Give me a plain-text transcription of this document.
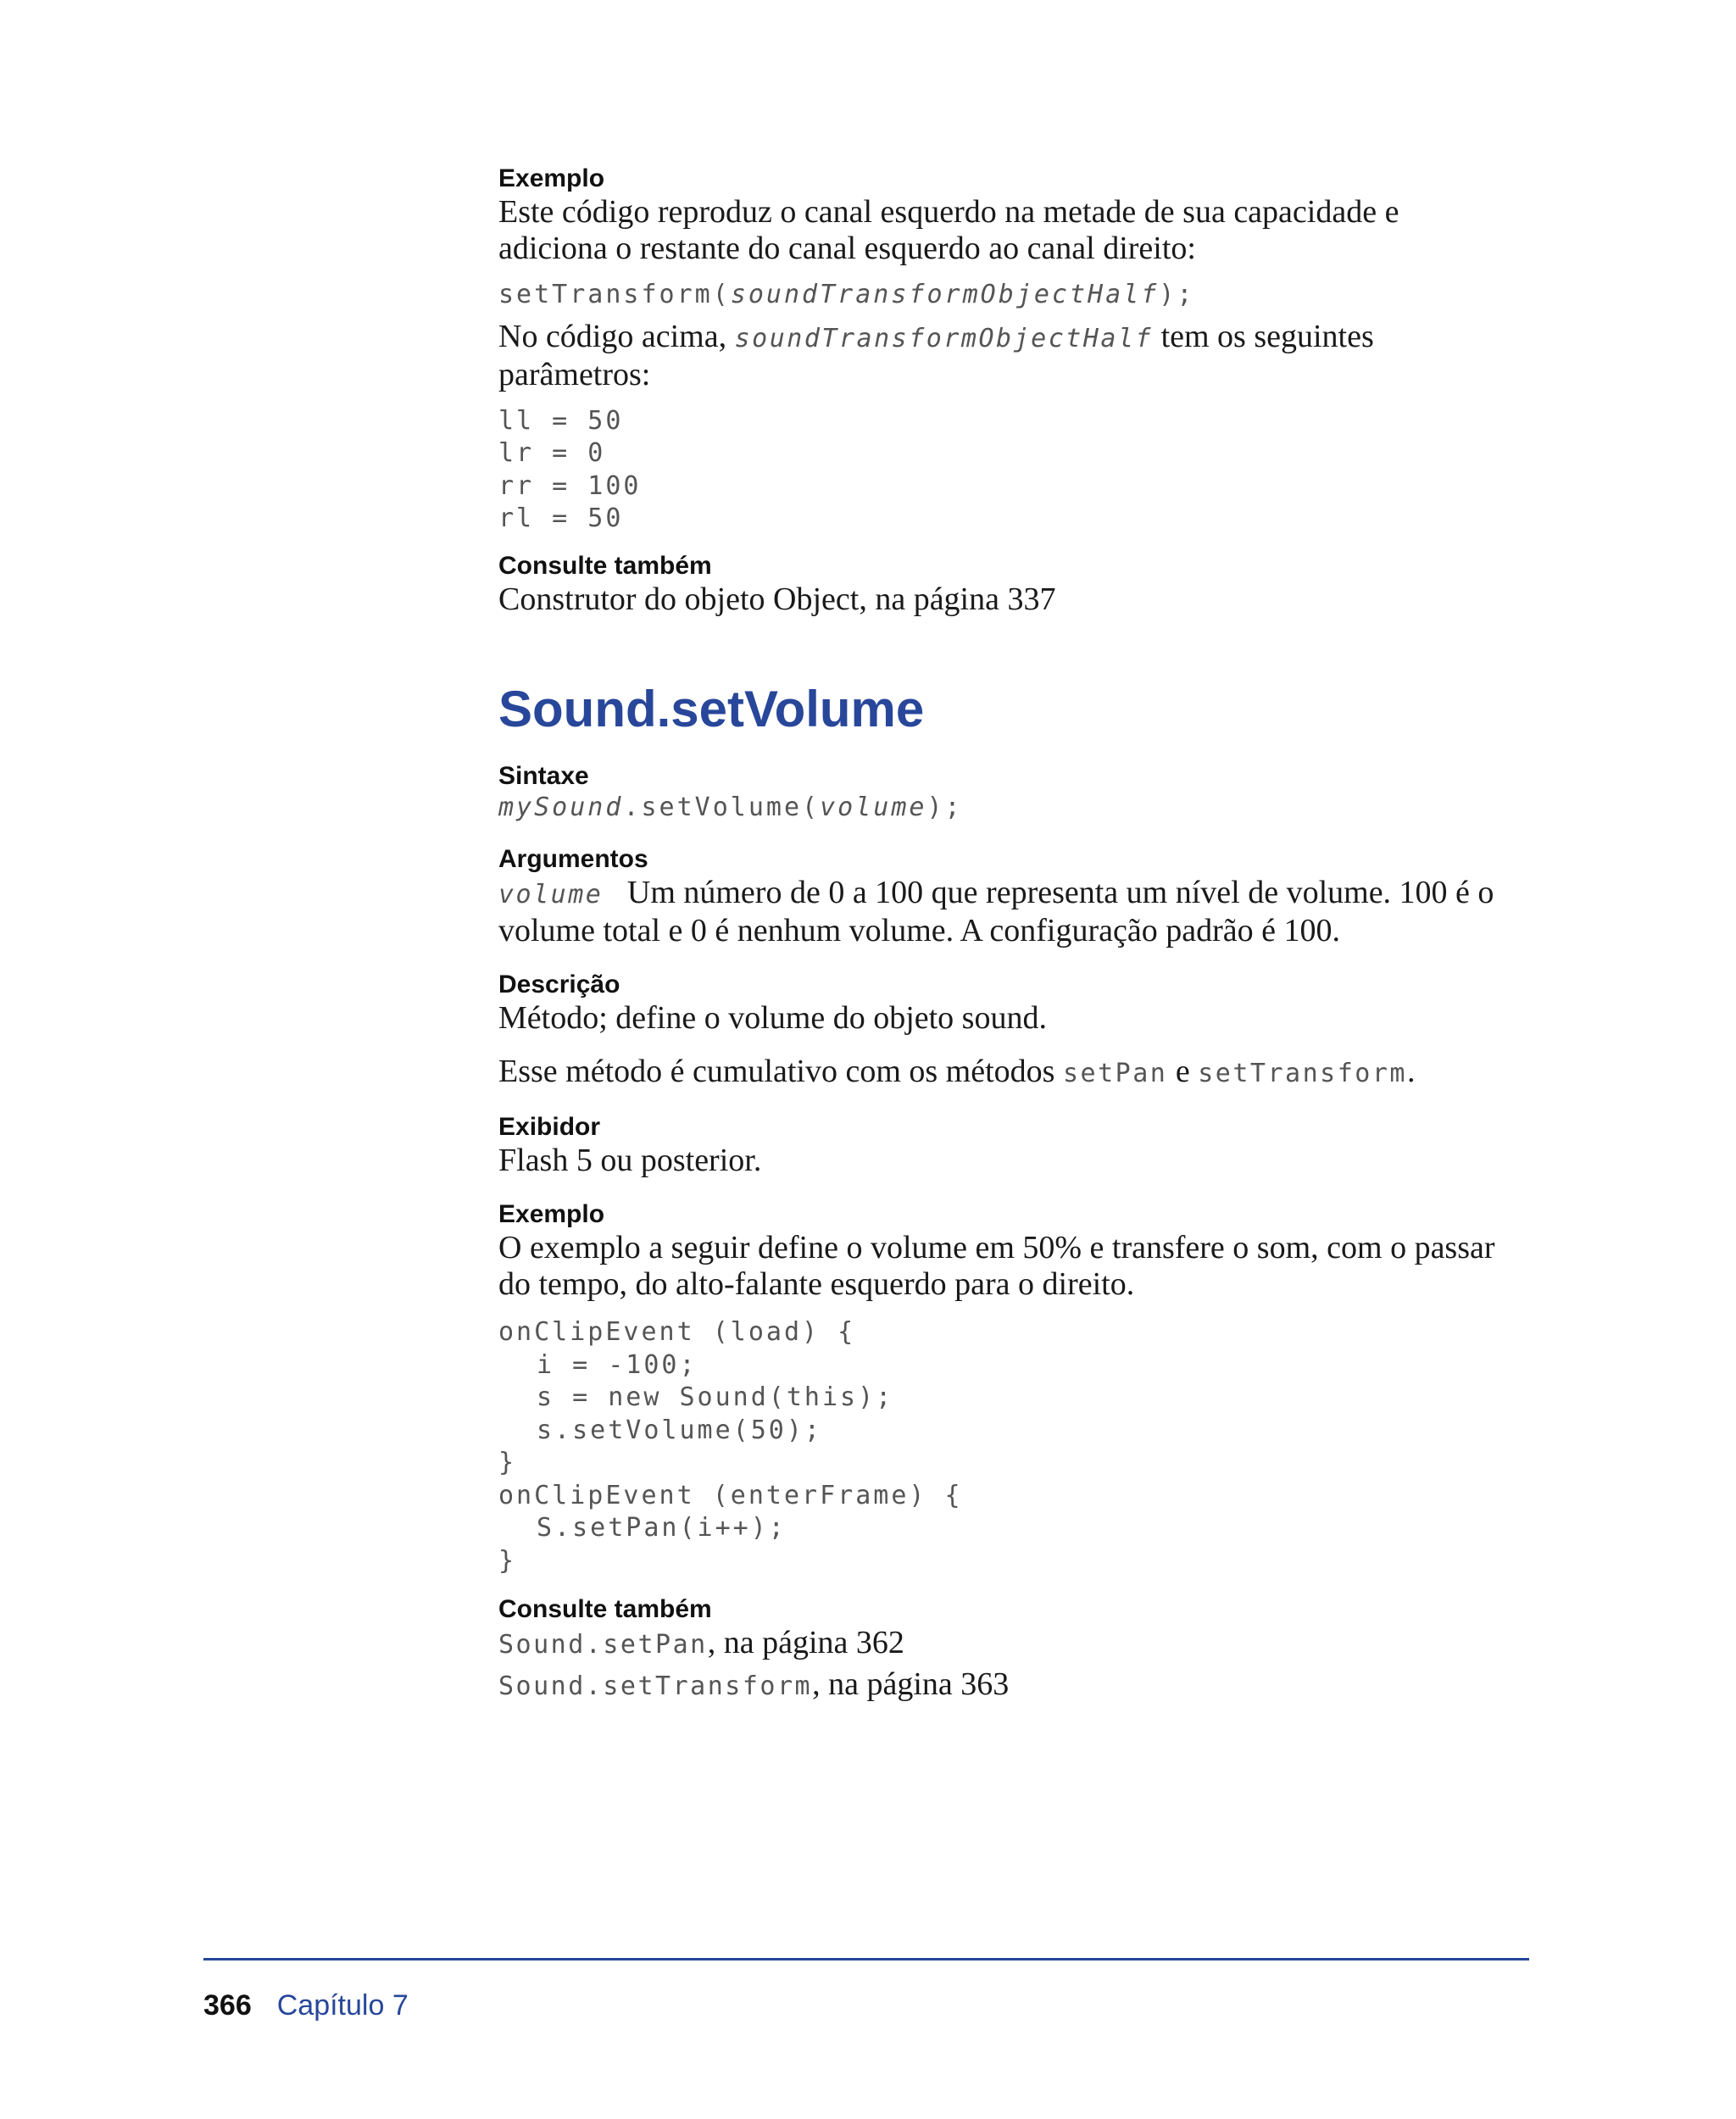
Exemplo

Este código reproduz o canal esquerdo na metade de sua capacidade e adiciona o restante do canal esquerdo ao canal direito:

setTransform(soundTransformObjectHalf);

No código acima, soundTransformObjectHalf tem os seguintes parâmetros:

ll = 50
lr = 0
rr = 100
rl = 50

Consulte também

Construtor do objeto Object, na página 337

Sound.setVolume

Sintaxe

mySound.setVolume(volume);

Argumentos

volume Um número de 0 a 100 que representa um nível de volume. 100 é o volume total e 0 é nenhum volume. A configuração padrão é 100.

Descrição

Método; define o volume do objeto sound.

Esse método é cumulativo com os métodos setPan e setTransform.

Exibidor

Flash 5 ou posterior.

Exemplo

O exemplo a seguir define o volume em 50% e transfere o som, com o passar do tempo, do alto-falante esquerdo para o direito.

onClipEvent (load) {
i = -100;
s = new Sound(this);
s.setVolume(50);
}
onClipEvent (enterFrame) {
S.setPan(i++);
}

Consulte também

Sound.setPan, na página 362

Sound.setTransform, na página 363

366 Capítulo 7
